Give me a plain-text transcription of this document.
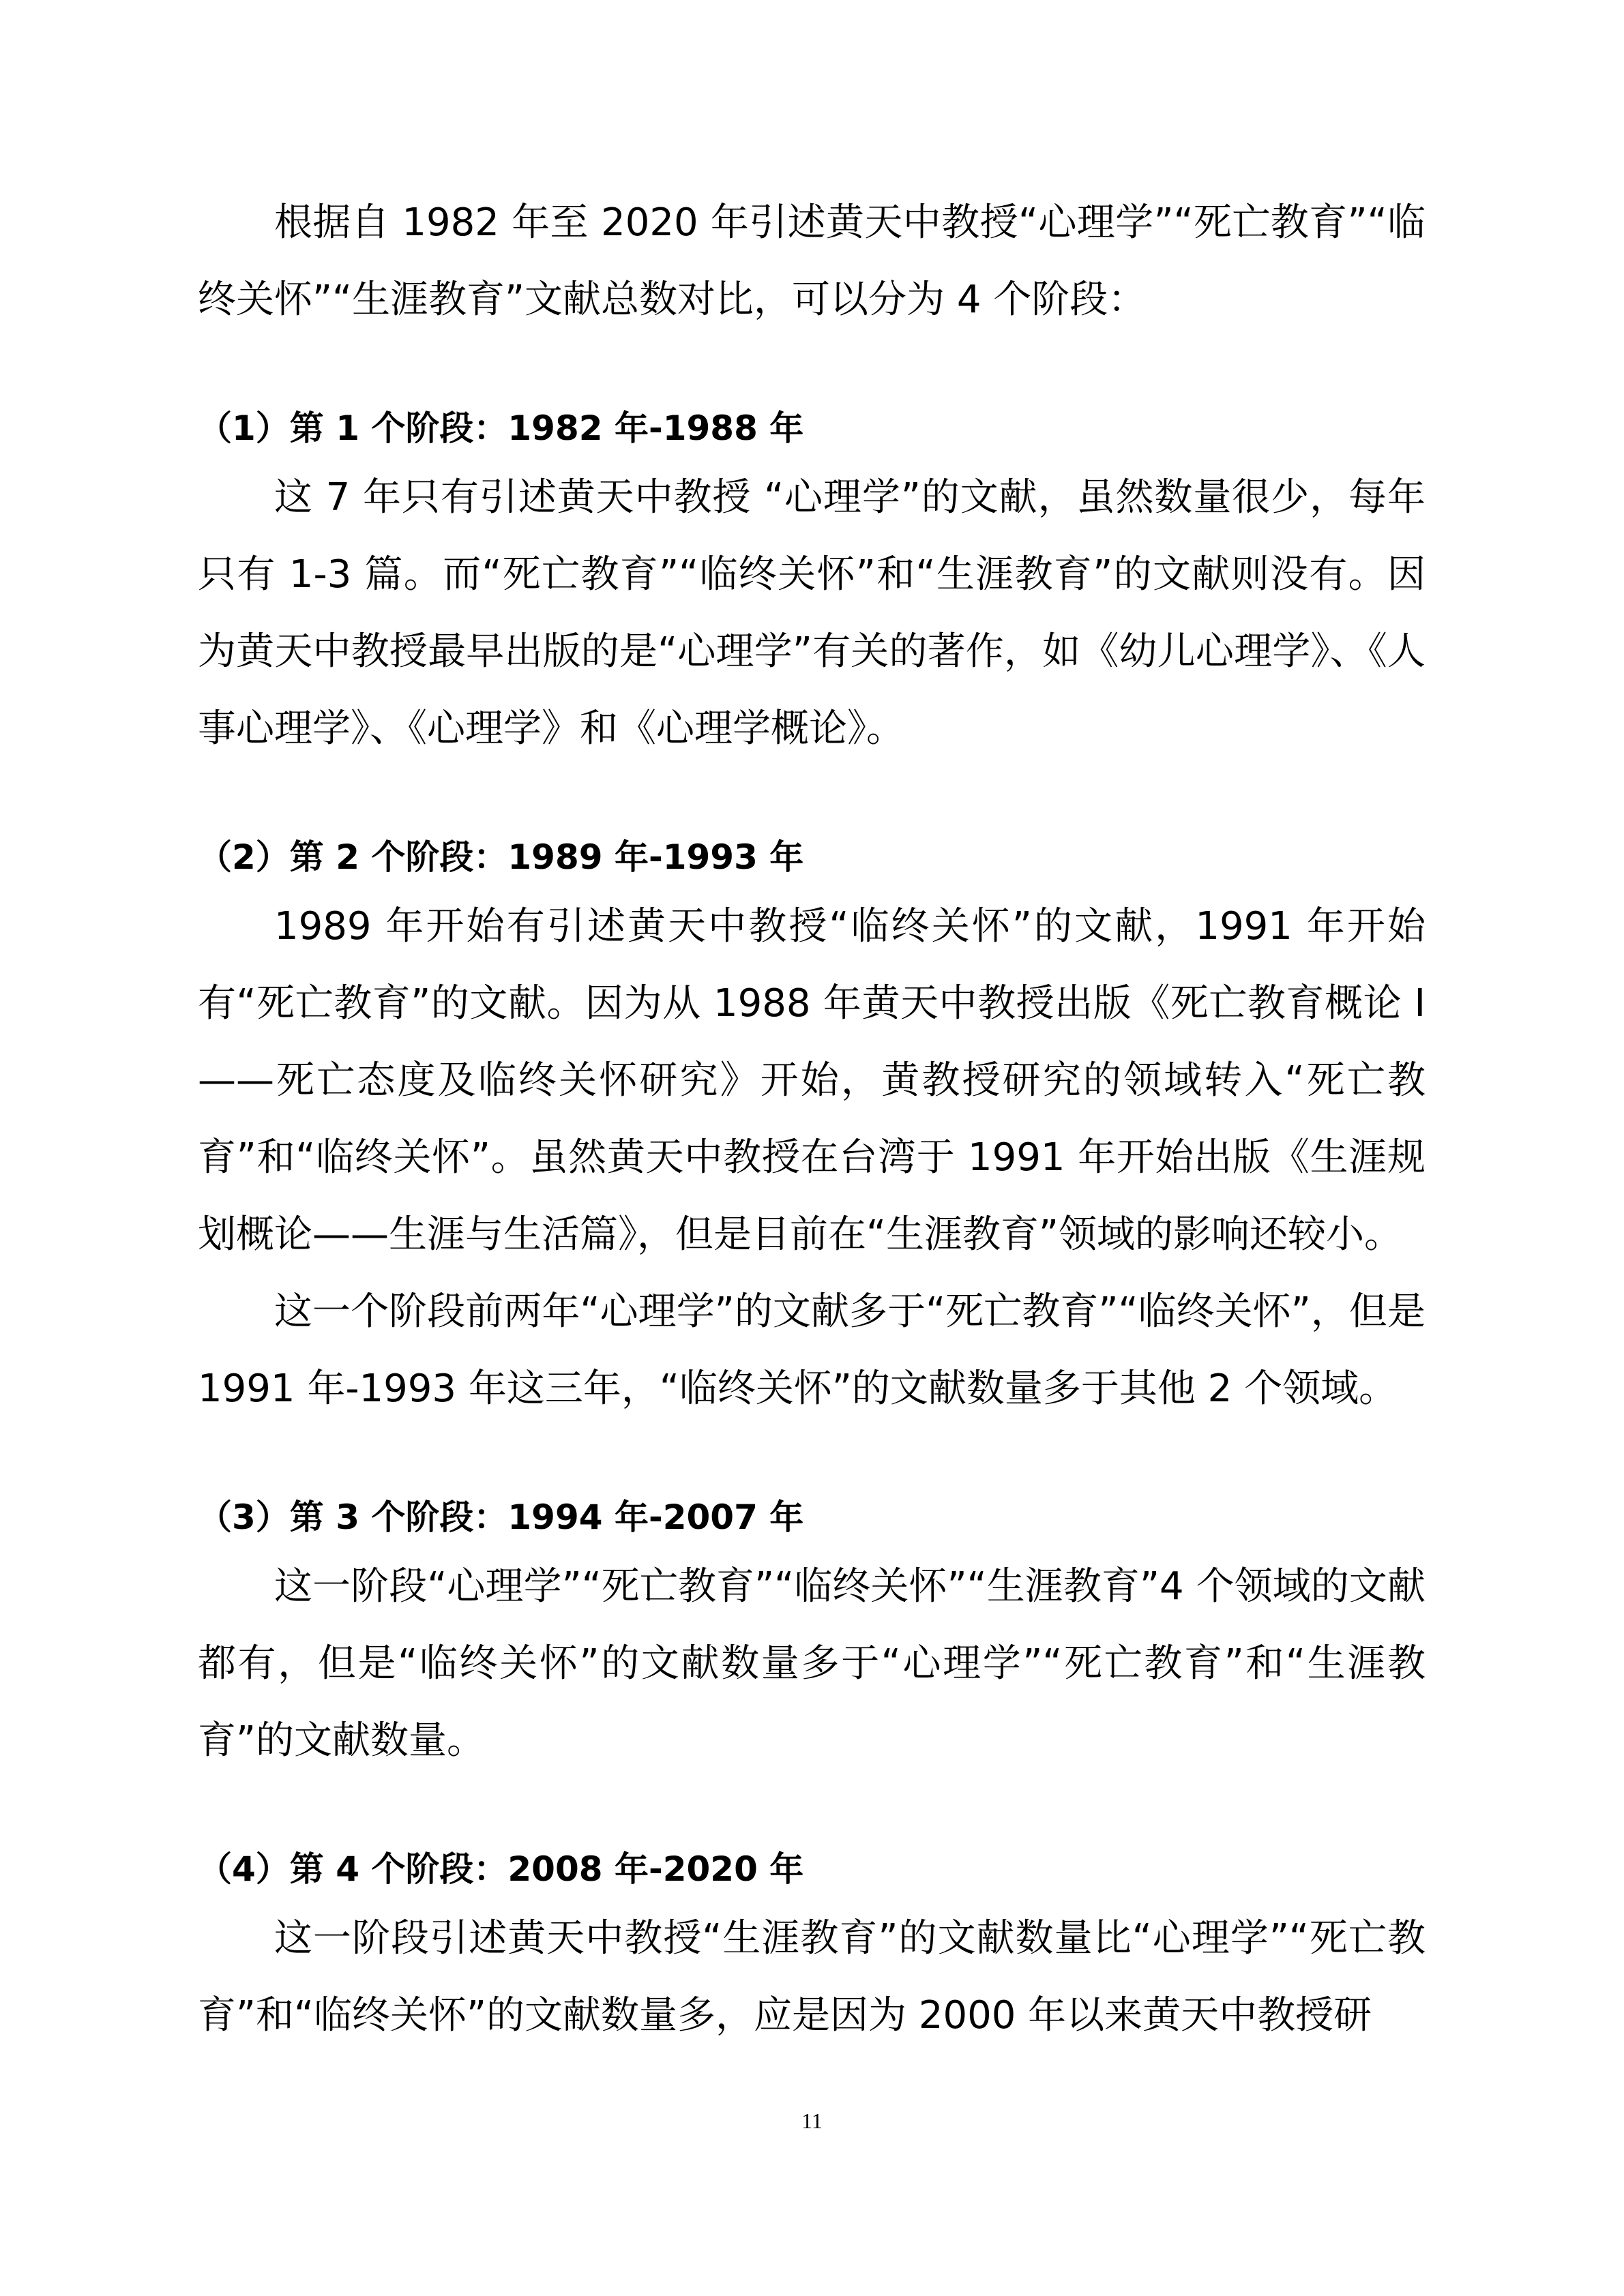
根据自 1982 年至 2020 年引述黄天中教授“心理学”“死亡教育”“临终关怀”“生涯教育”文献总数对比，可以分为 4 个阶段：

（1）第 1 个阶段：1982 年-1988 年

这 7 年只有引述黄天中教授 “心理学”的文献，虽然数量很少，每年只有 1-3 篇。而“死亡教育”“临终关怀”和“生涯教育”的文献则没有。因为黄天中教授最早出版的是“心理学”有关的著作，如《幼儿心理学》、《人事心理学》、《心理学》和《心理学概论》。

（2）第 2 个阶段：1989 年-1993 年

1989 年开始有引述黄天中教授“临终关怀”的文献，1991 年开始有“死亡教育”的文献。因为从 1988 年黄天中教授出版《死亡教育概论 Ⅰ——死亡态度及临终关怀研究》开始，黄教授研究的领域转入“死亡教育”和“临终关怀”。虽然黄天中教授在台湾于 1991 年开始出版《生涯规划概论——生涯与生活篇》，但是目前在“生涯教育”领域的影响还较小。

这一个阶段前两年“心理学”的文献多于“死亡教育”“临终关怀”，但是 1991 年-1993 年这三年，“临终关怀”的文献数量多于其他 2 个领域。

（3）第 3 个阶段：1994 年-2007 年

这一阶段“心理学”“死亡教育”“临终关怀”“生涯教育”4 个领域的文献都有，但是“临终关怀”的文献数量多于“心理学”“死亡教育”和“生涯教育”的文献数量。

（4）第 4 个阶段：2008 年-2020 年

这一阶段引述黄天中教授“生涯教育”的文献数量比“心理学”“死亡教育”和“临终关怀”的文献数量多，应是因为 2000 年以来黄天中教授研

11
